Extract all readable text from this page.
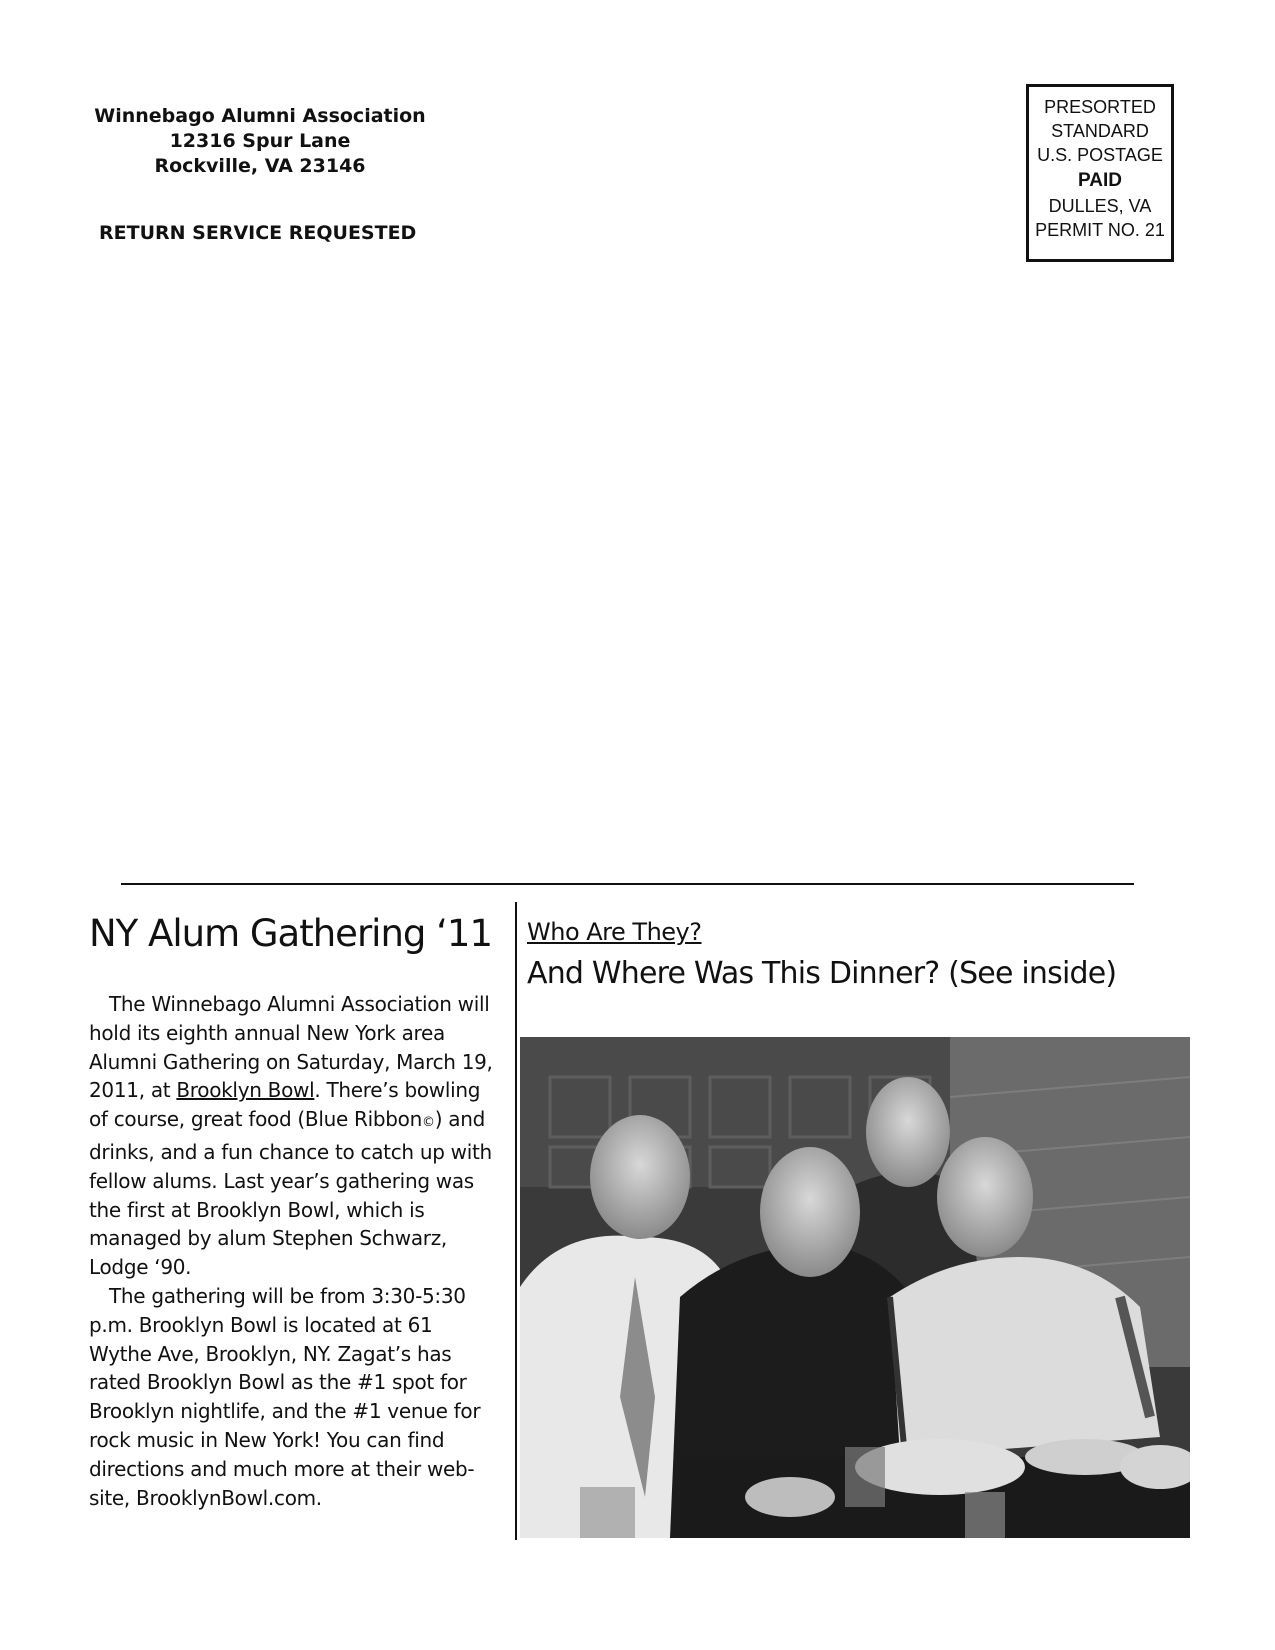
Winnebago Alumni Association
12316 Spur Lane
Rockville, VA 23146
RETURN SERVICE REQUESTED
PRESORTED
STANDARD
U.S. POSTAGE
PAID
DULLES, VA
PERMIT NO. 21
NY Alum Gathering ‘11

The Winnebago Alumni Association will hold its eighth annual New York area Alumni Gathering on Saturday, March 19, 2011, at Brooklyn Bowl. There’s bowling of course, great food (Blue Ribbon©) and drinks, and a fun chance to catch up with fellow alums. Last year’s gathering was the first at Brooklyn Bowl, which is managed by alum Stephen Schwarz, Lodge ‘90.

The gathering will be from 3:30-5:30 p.m. Brooklyn Bowl is located at 61 Wythe Ave, Brooklyn, NY. Zagat’s has rated Brooklyn Bowl as the #1 spot for Brooklyn nightlife, and the #1 venue for rock music in New York! You can find directions and much more at their web-site, BrooklynBowl.com.

Who Are They?
And Where Was This Dinner? (See inside)
